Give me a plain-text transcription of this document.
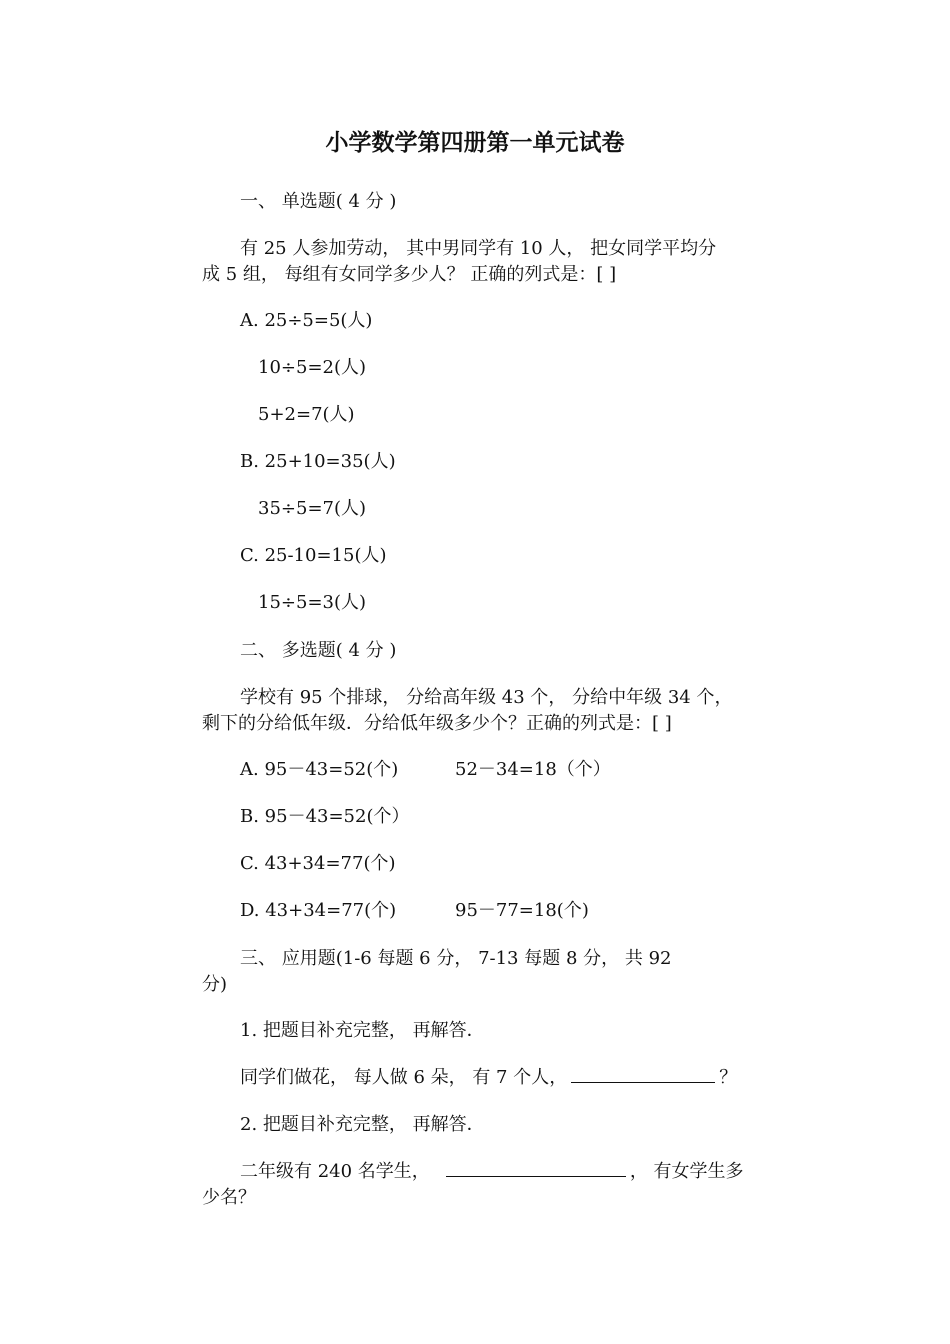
小学数学第四册第一单元试卷
一、 单选题( 4 分 )
有 25 人参加劳动， 其中男同学有 10 人， 把女同学平均分
成 5 组， 每组有女同学多少人？ 正确的列式是：[ ]
A. 25÷5=5(人)
10÷5=2(人)
5+2=7(人)
B. 25+10=35(人)
35÷5=7(人)
C. 25-10=15(人)
15÷5=3(人)
二、 多选题( 4 分 )
学校有 95 个排球， 分给高年级 43 个， 分给中年级 34 个，
剩下的分给低年级．分给低年级多少个？正确的列式是：[ ]
A. 95－43=52(个)	52－34=18（个）
B. 95－43=52(个）
C. 43+34=77(个)
D. 43+34=77(个)	95－77=18(个)
三、 应用题(1-6 每题 6 分， 7-13 每题 8 分， 共 92
分)
1. 把题目补充完整， 再解答．
同学们做花， 每人做 6 朵， 有 7 个人，	？
2. 把题目补充完整， 再解答．
二年级有 240 名学生，	， 有女学生多
少名？
